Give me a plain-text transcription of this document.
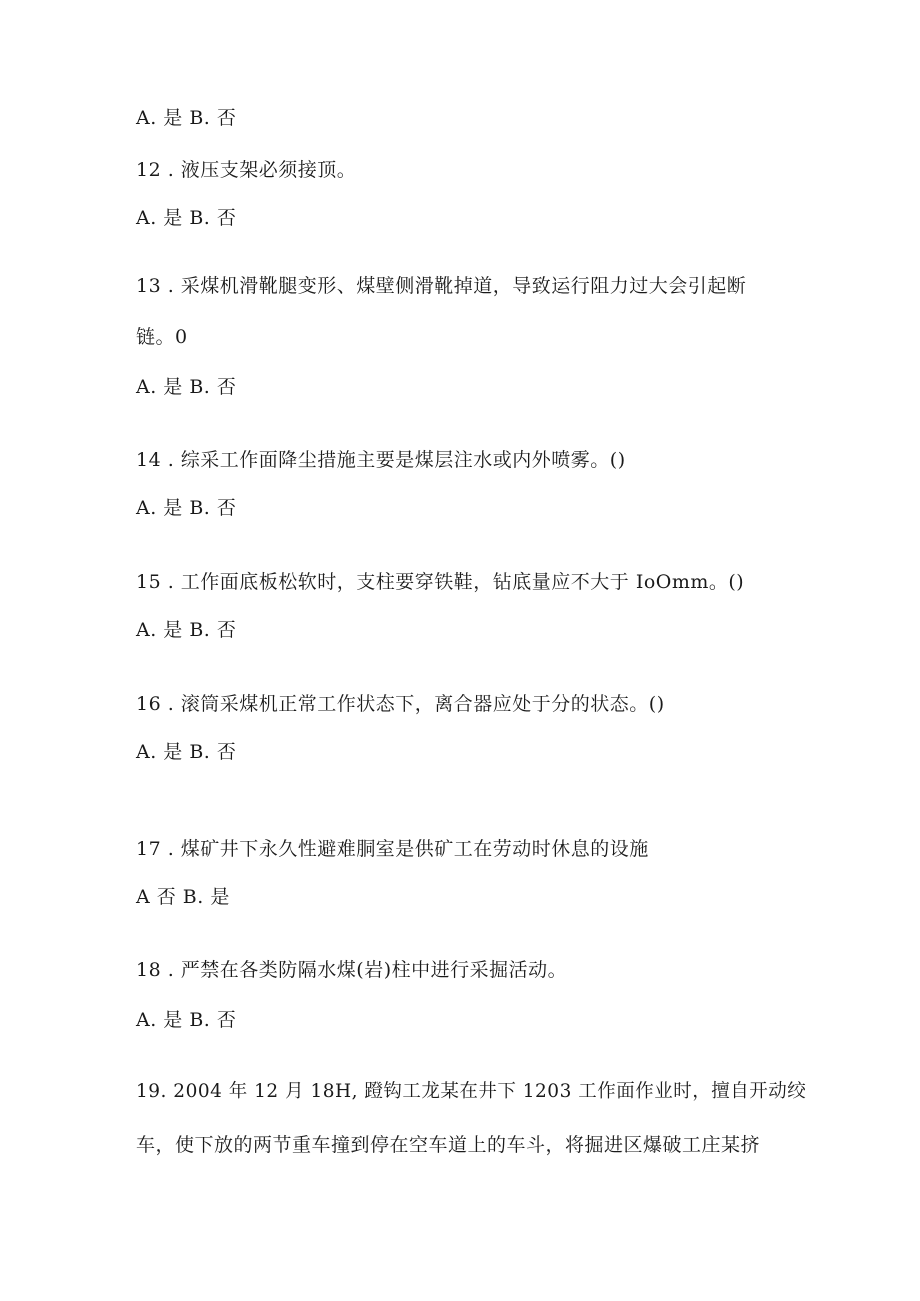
A. 是 B. 否
12 . 液压支架必须接顶。
A. 是 B. 否
13 . 采煤机滑靴腿变形、煤壁侧滑靴掉道，导致运行阻力过大会引起断
链。0
A. 是 B. 否
14 . 综采工作面降尘措施主要是煤层注水或内外喷雾。()
A. 是 B. 否
15 . 工作面底板松软时，支柱要穿铁鞋，钻底量应不大于 IoOmm。()
A. 是 B. 否
16 . 滚筒采煤机正常工作状态下，离合器应处于分的状态。()
A. 是 B. 否
17 . 煤矿井下永久性避难胴室是供矿工在劳动时休息的设施
A 否 B. 是
18 . 严禁在各类防隔水煤(岩)柱中进行采掘活动。
A. 是 B. 否
19. 2004 年 12 月 18H, 蹬钩工龙某在井下 1203 工作面作业时，擅自开动绞
车，使下放的两节重车撞到停在空车道上的车斗，将掘进区爆破工庄某挤
